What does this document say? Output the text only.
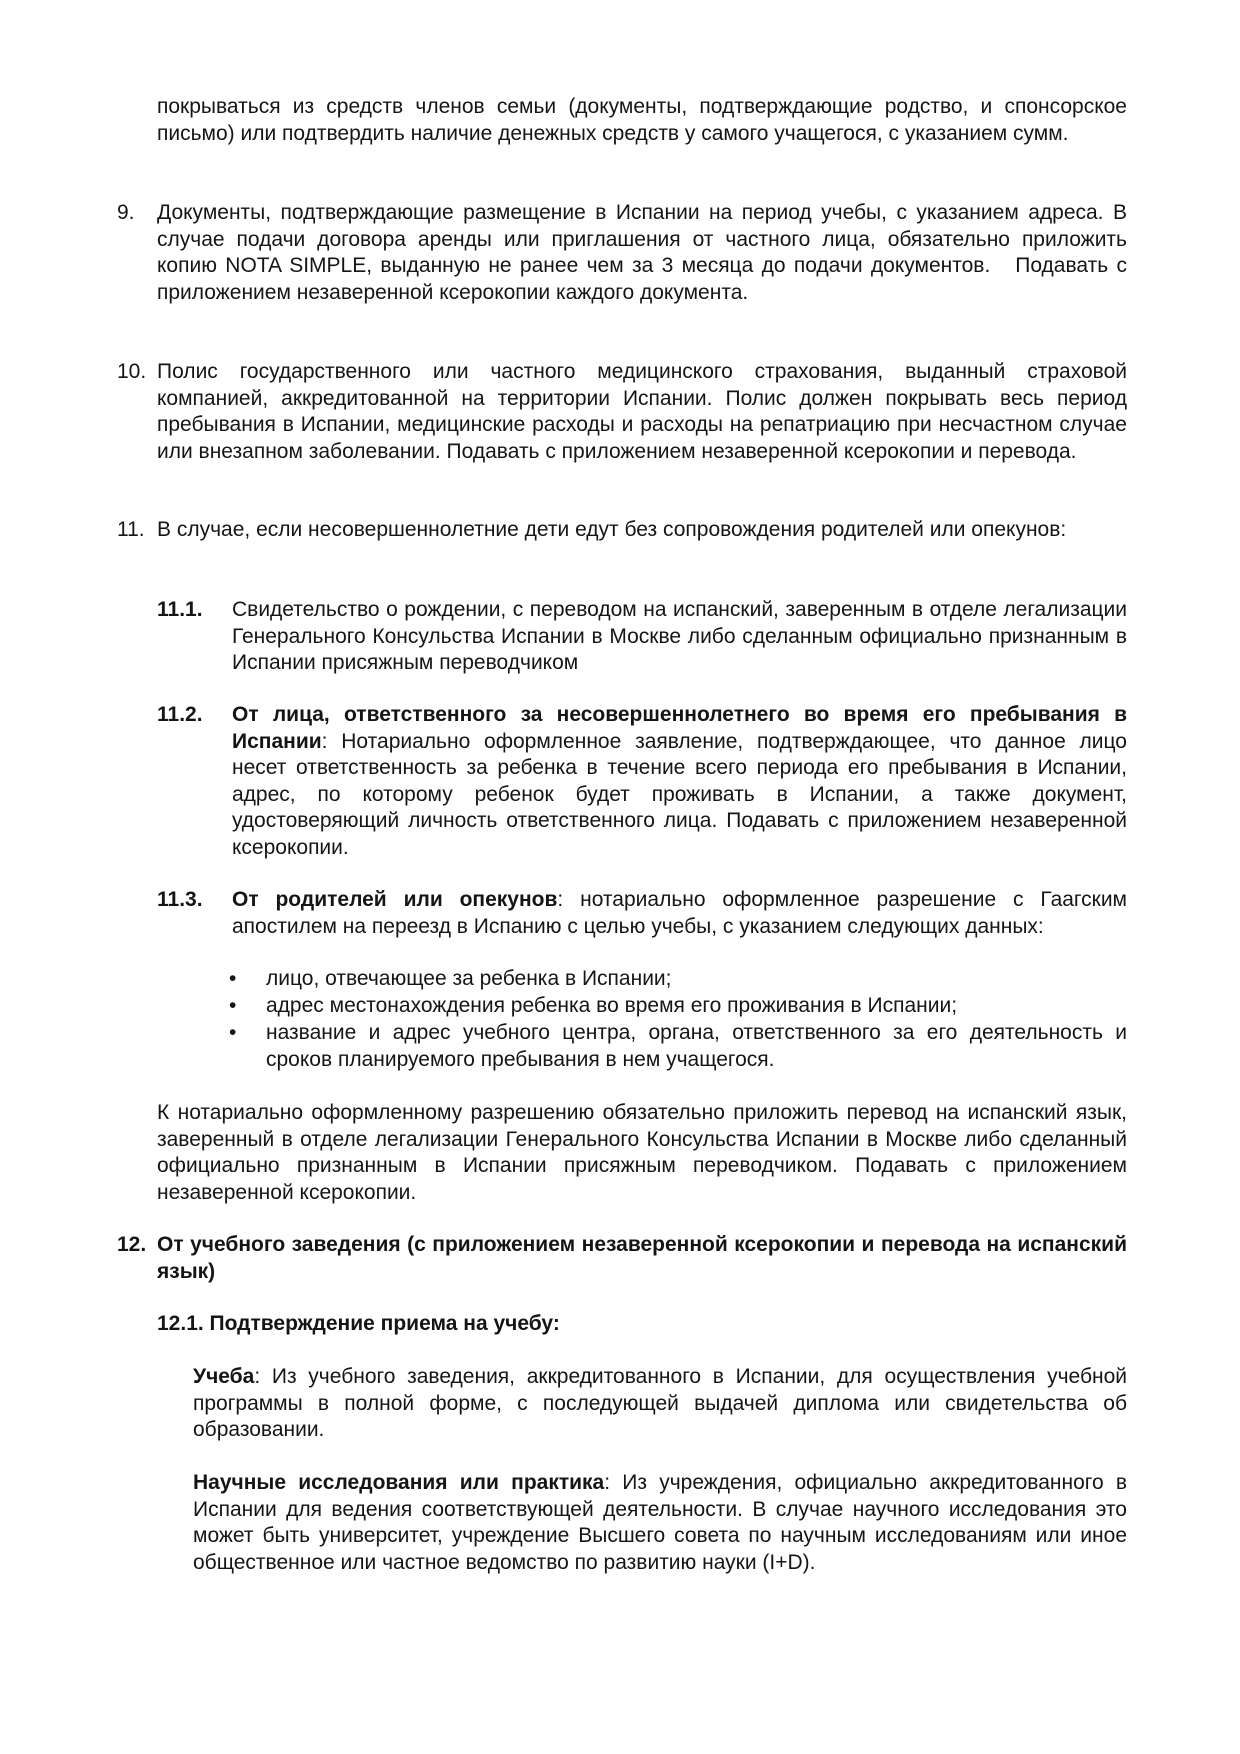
покрываться из средств членов семьи (документы, подтверждающие родство, и спонсорское письмо) или подтвердить наличие денежных средств у самого учащегося, с указанием сумм.
9. Документы, подтверждающие размещение в Испании на период учебы, с указанием адреса. В случае подачи договора аренды или приглашения от частного лица, обязательно приложить копию NOTA SIMPLE, выданную не ранее чем за 3 месяца до подачи документов.   Подавать с приложением незаверенной ксерокопии каждого документа.
10. Полис государственного или частного медицинского страхования, выданный страховой компанией, аккредитованной на территории Испании. Полис должен покрывать весь период пребывания в Испании, медицинские расходы и расходы на репатриацию при несчастном случае или внезапном заболевании. Подавать с приложением незаверенной ксерокопии и перевода.
11. В случае, если несовершеннолетние дети едут без сопровождения родителей или опекунов:
11.1. Свидетельство о рождении, с переводом на испанский, заверенным в отделе легализации Генерального Консульства Испании в Москве либо сделанным официально признанным в Испании присяжным переводчиком
11.2. От лица, ответственного за несовершеннолетнего во время его пребывания в Испании: Нотариально оформленное заявление, подтверждающее, что данное лицо несет ответственность за ребенка в течение всего периода его пребывания в Испании, адрес, по которому ребенок будет проживать в Испании, а также документ, удостоверяющий личность ответственного лица. Подавать с приложением незаверенной ксерокопии.
11.3. От родителей или опекунов: нотариально оформленное разрешение с Гаагским апостилем на переезд в Испанию с целью учебы, с указанием следующих данных:
• лицо, отвечающее за ребенка в Испании;
• адрес местонахождения ребенка во время его проживания в Испании;
• название и адрес учебного центра, органа, ответственного за его деятельность и сроков планируемого пребывания в нем учащегося.
К нотариально оформленному разрешению обязательно приложить перевод на испанский язык, заверенный в отделе легализации Генерального Консульства Испании в Москве либо сделанный официально признанным в Испании присяжным переводчиком. Подавать с приложением незаверенной ксерокопии.
12. От учебного заведения (с приложением незаверенной ксерокопии и перевода на испанский язык)
12.1. Подтверждение приема на учебу:
Учеба: Из учебного заведения, аккредитованного в Испании, для осуществления учебной программы в полной форме, с последующей выдачей диплома или свидетельства об образовании.
Научные исследования или практика: Из учреждения, официально аккредитованного в Испании для ведения соответствующей деятельности. В случае научного исследования это может быть университет, учреждение Высшего совета по научным исследованиям или иное общественное или частное ведомство по развитию науки (I+D).
